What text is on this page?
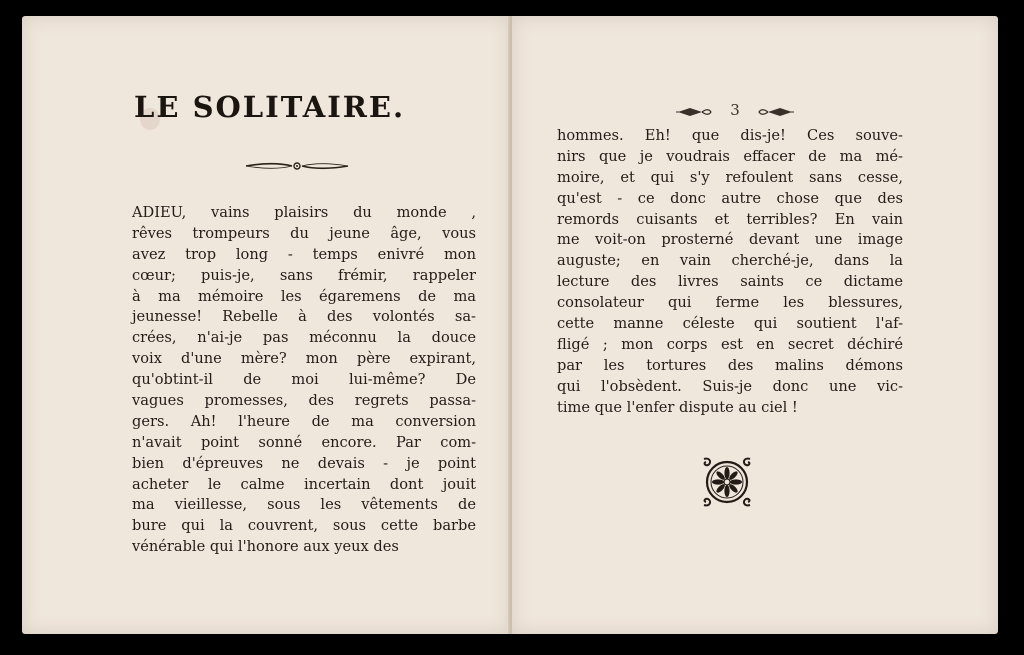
LE SOLITAIRE.
ADIEU, vains plaisirs du monde ,
rêves trompeurs du jeune âge, vous
avez trop long - temps enivré mon
cœur; puis-je, sans frémir, rappeler
à ma mémoire les égaremens de ma
jeunesse! Rebelle à des volontés sa-
crées, n'ai-je pas méconnu la douce
voix d'une mère? mon père expirant,
qu'obtint-il de moi lui-même? De
vagues promesses, des regrets passa-
gers. Ah! l'heure de ma conversion
n'avait point sonné encore. Par com-
bien d'épreuves ne devais - je point
acheter le calme incertain dont jouit
ma vieillesse, sous les vêtements de
bure qui la couvrent, sous cette barbe
vénérable qui l'honore aux yeux des
3
hommes. Eh! que dis-je! Ces souve-
nirs que je voudrais effacer de ma mé-
moire, et qui s'y refoulent sans cesse,
qu'est - ce donc autre chose que des
remords cuisants et terribles? En vain
me voit-on prosterné devant une image
auguste; en vain cherché-je, dans la
lecture des livres saints ce dictame
consolateur qui ferme les blessures,
cette manne céleste qui soutient l'af-
fligé ; mon corps est en secret déchiré
par les tortures des malins démons
qui l'obsèdent. Suis-je donc une vic-
time que l'enfer dispute au ciel !
